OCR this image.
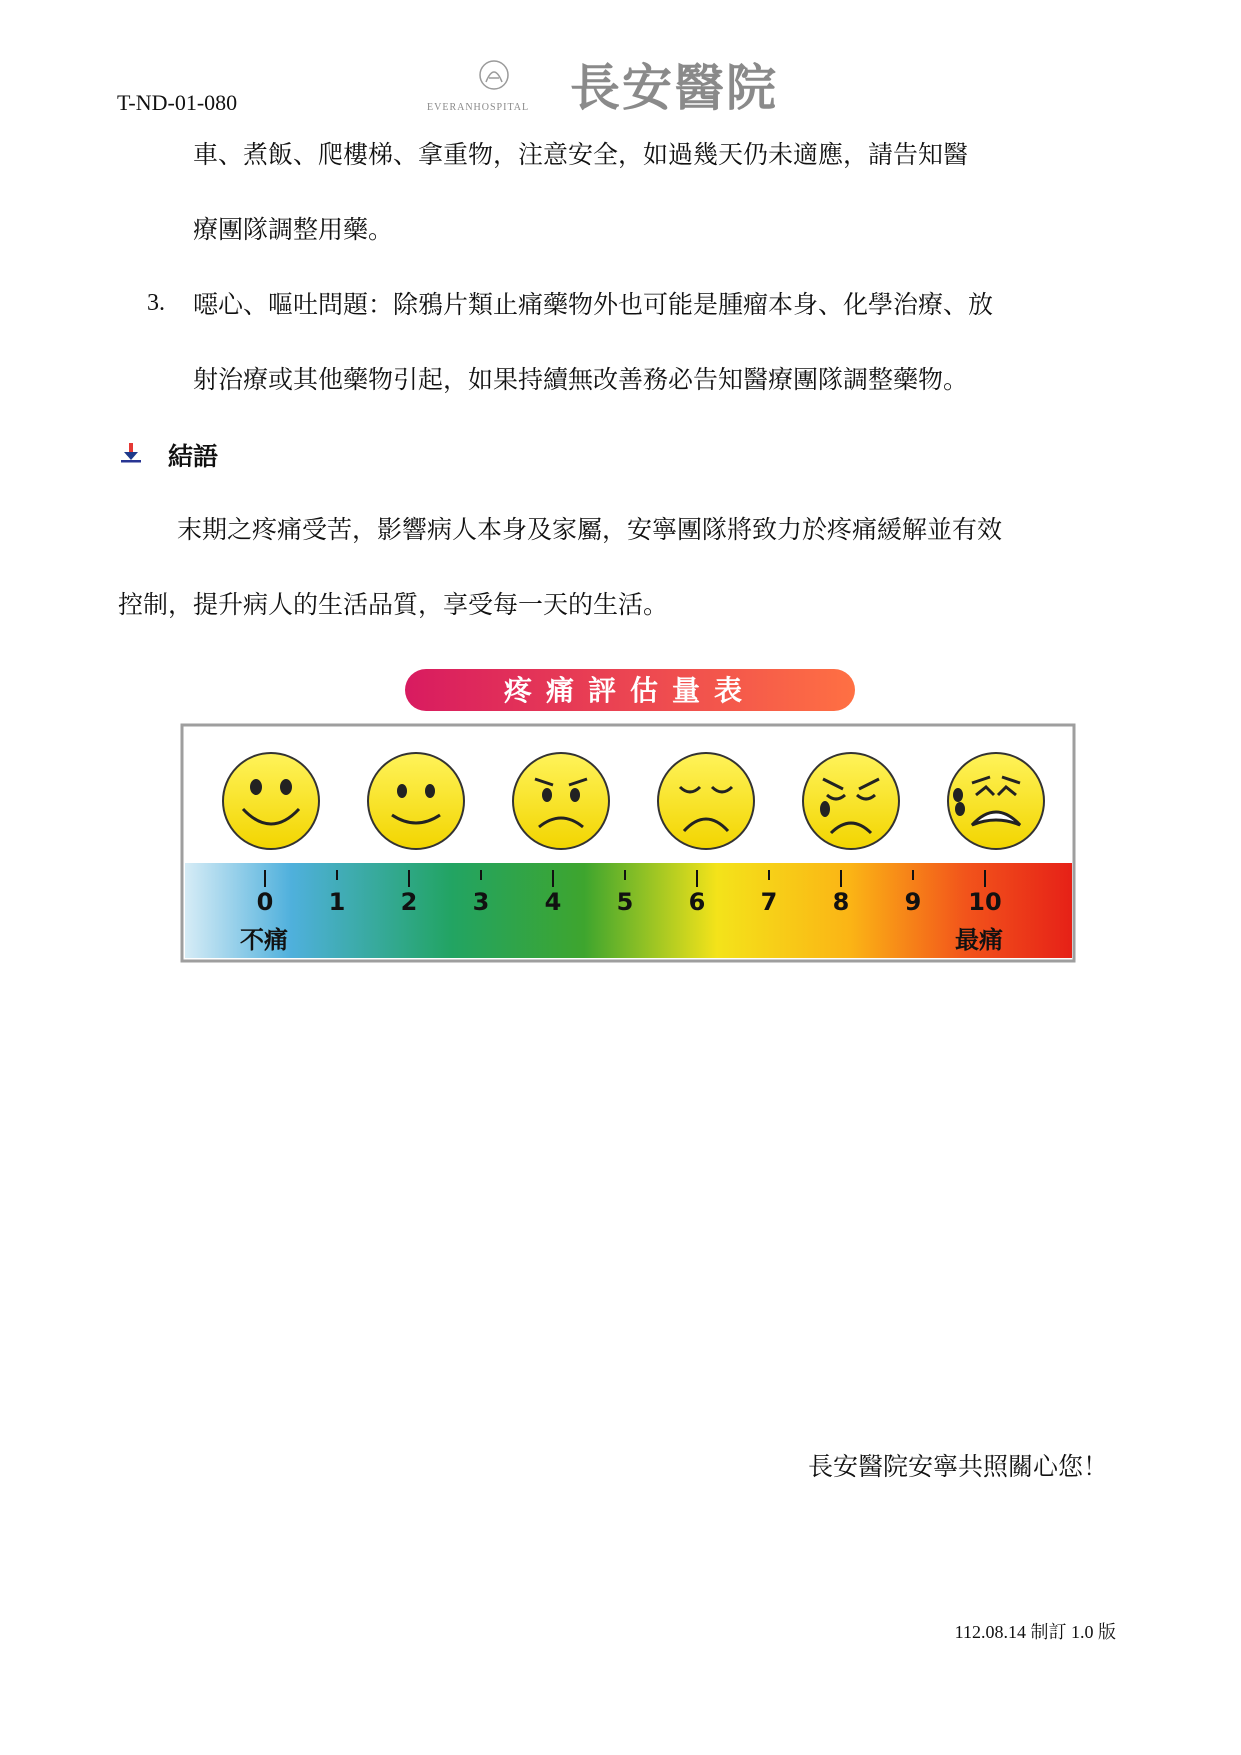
T-ND-01-080	EVERANHOSPITAL 長安醫院
車、煮飯、爬樓梯、拿重物，注意安全，如過幾天仍未適應，請告知醫
療團隊調整用藥。
3. 噁心、嘔吐問題：除鴉片類止痛藥物外也可能是腫瘤本身、化學治療、放
射治療或其他藥物引起，如果持續無改善務必告知醫療團隊調整藥物。
結語
末期之疼痛受苦，影響病人本身及家屬，安寧團隊將致力於疼痛緩解並有效
控制，提升病人的生活品質，享受每一天的生活。
疼痛評估量表
0 1 2 3 4 5 6 7 8 9 10
不痛	最痛
長安醫院安寧共照關心您！
112.08.14 制訂 1.0 版
